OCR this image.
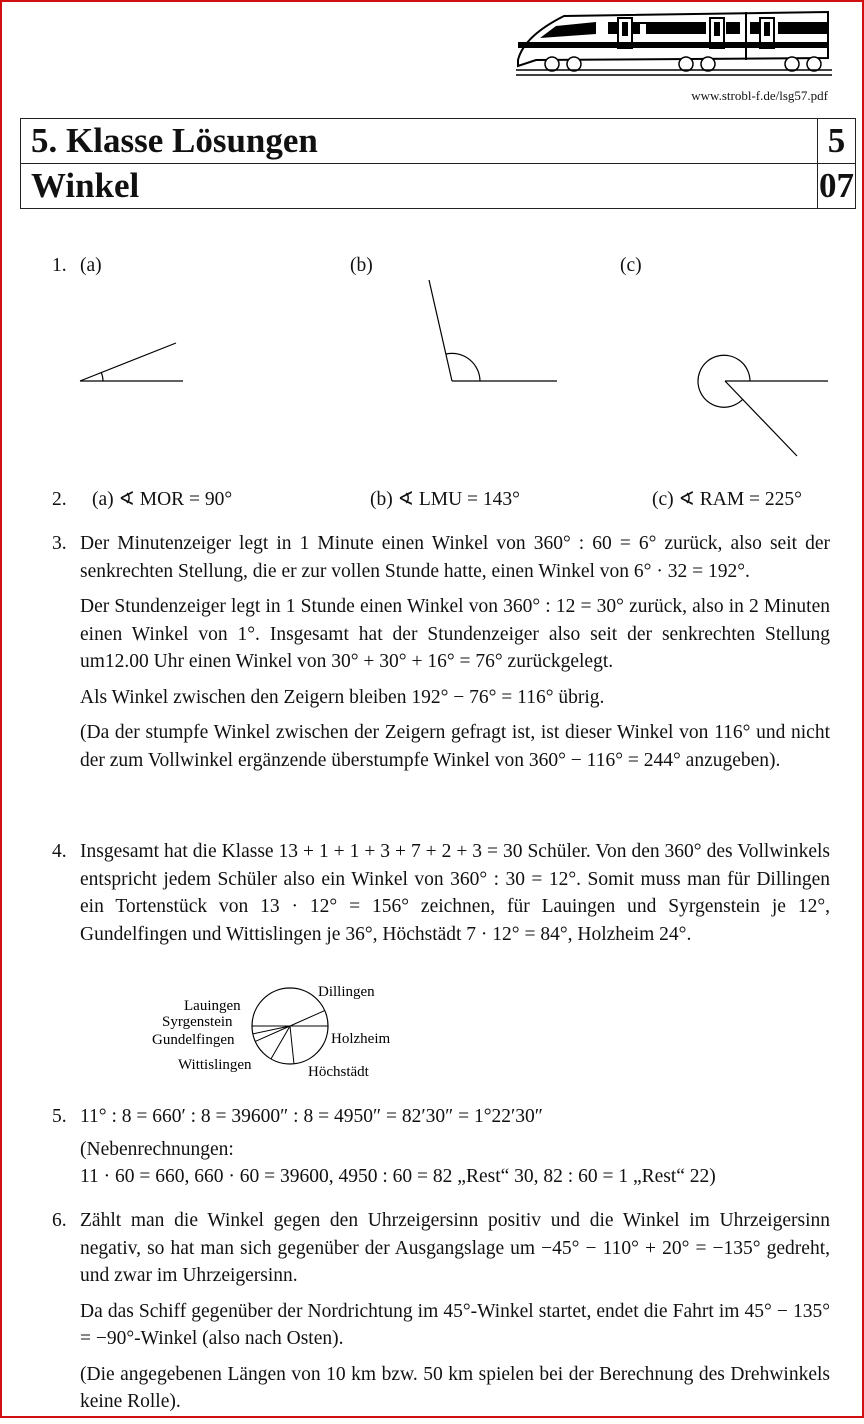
www.strobl-f.de/lsg57.pdf
5. Klasse Lösungen	5
Winkel	07
1. (a)	(b)	(c)
2. (a) ∢ MOR = 90°	(b) ∢ LMU = 143°	(c) ∢ RAM = 225°
3. Der Minutenzeiger legt in 1 Minute einen Winkel von 360° : 60 = 6° zurück, also seit der senkrechten Stellung, die er zur vollen Stunde hatte, einen Winkel von 6° · 32 = 192°.
Der Stundenzeiger legt in 1 Stunde einen Winkel von 360° : 12 = 30° zurück, also in 2 Minuten einen Winkel von 1°. Insgesamt hat der Stundenzeiger also seit der senkrechten Stellung um12.00 Uhr einen Winkel von 30° + 30° + 16° = 76° zurückgelegt.
Als Winkel zwischen den Zeigern bleiben 192° − 76° = 116° übrig.
(Da der stumpfe Winkel zwischen der Zeigern gefragt ist, ist dieser Winkel von 116° und nicht der zum Vollwinkel ergänzende überstumpfe Winkel von 360° − 116° = 244° anzugeben).
4. Insgesamt hat die Klasse 13 + 1 + 1 + 3 + 7 + 2 + 3 = 30 Schüler. Von den 360° des Vollwinkels entspricht jedem Schüler also ein Winkel von 360° : 30 = 12°. Somit muss man für Dillingen ein Tortenstück von 13 · 12° = 156° zeichnen, für Lauingen und Syrgenstein je 12°, Gundelfingen und Wittislingen je 36°, Höchstädt 7 · 12° = 84°, Holzheim 24°.
Dillingen
Lauingen
Syrgenstein
Gundelfingen
Wittislingen	Höchstädt
Holzheim
5. 11° : 8 = 660′ : 8 = 39600″ : 8 = 4950″ = 82′30″ = 1°22′30″
(Nebenrechnungen:
11 · 60 = 660, 660 · 60 = 39600, 4950 : 60 = 82 „Rest“ 30, 82 : 60 = 1 „Rest“ 22)
6. Zählt man die Winkel gegen den Uhrzeigersinn positiv und die Winkel im Uhrzeigersinn negativ, so hat man sich gegenüber der Ausgangslage um −45° − 110° + 20° = −135° gedreht, und zwar im Uhrzeigersinn.
Da das Schiff gegenüber der Nordrichtung im 45°-Winkel startet, endet die Fahrt im 45° − 135° = −90°-Winkel (also nach Osten).
(Die angegebenen Längen von 10 km bzw. 50 km spielen bei der Berechnung des Drehwinkels keine Rolle).
